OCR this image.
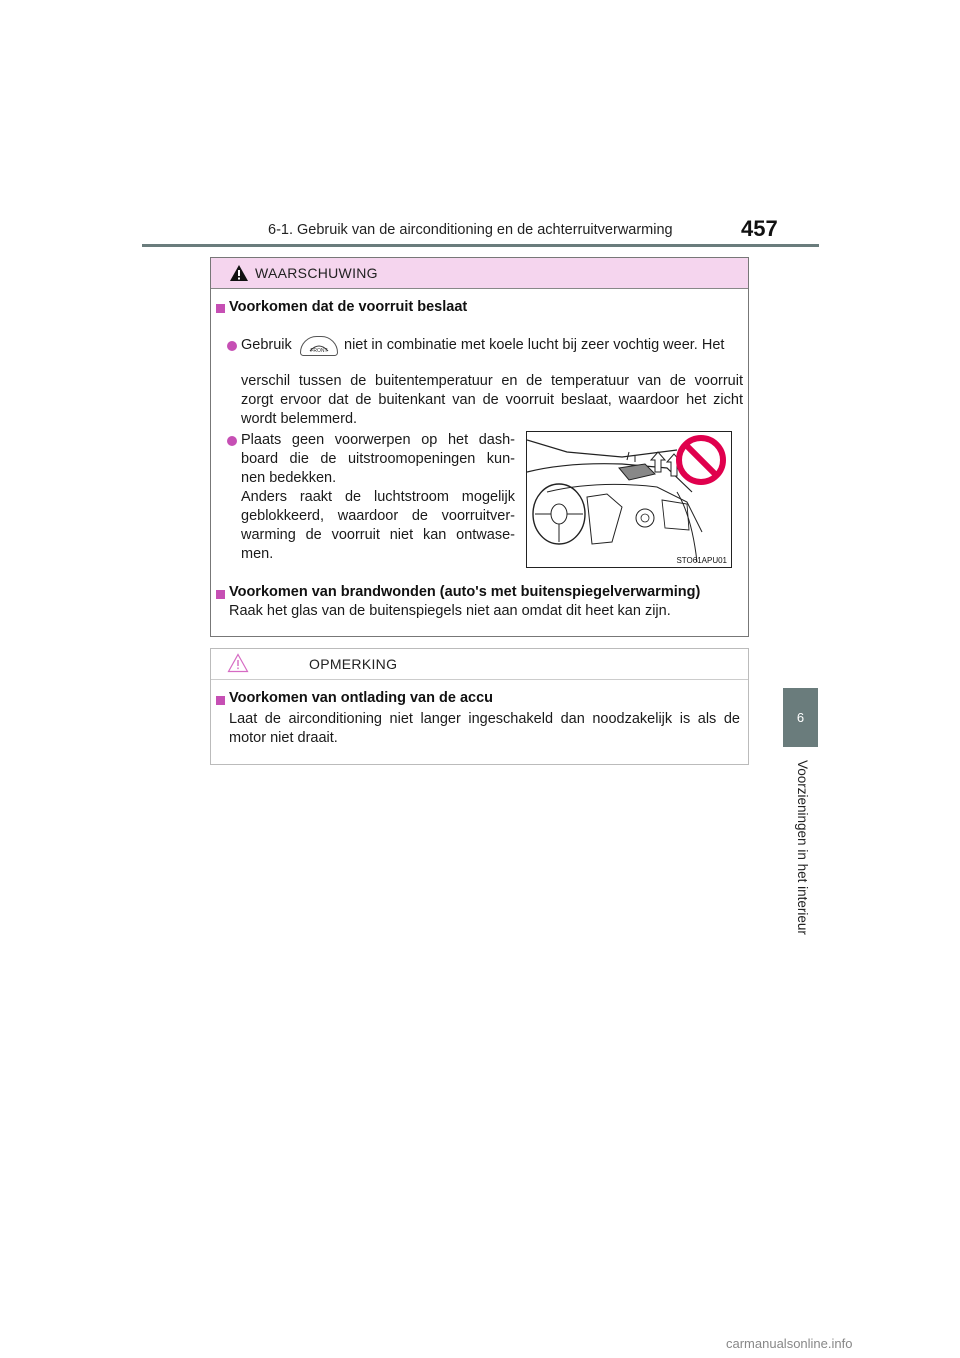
6-1. Gebruik van de airconditioning en de achterruitverwarming	457
6
Voorzieningen in het interieur
WAARSCHUWING
Voorkomen dat de voorruit beslaat
Gebruik	FRONT niet in combinatie met koele lucht bij zeer vochtig weer. Het
verschil tussen de buitentemperatuur en de temperatuur van de voorruit
zorgt ervoor dat de buitenkant van de voorruit beslaat, waardoor het zicht
wordt belemmerd.
Plaats geen voorwerpen op het dash-
board die de uitstroomopeningen kun-
nen bedekken.
Anders raakt de luchtstroom mogelijk
geblokkeerd, waardoor de voorruitver-
warming de voorruit niet kan ontwase-
men.	STO61APU01
Voorkomen van brandwonden (auto's met buitenspiegelverwarming)
Raak het glas van de buitenspiegels niet aan omdat dit heet kan zijn.
OPMERKING
Voorkomen van ontlading van de accu
Laat de airconditioning niet langer ingeschakeld dan noodzakelijk is als de
motor niet draait.
carmanualsonline.info
